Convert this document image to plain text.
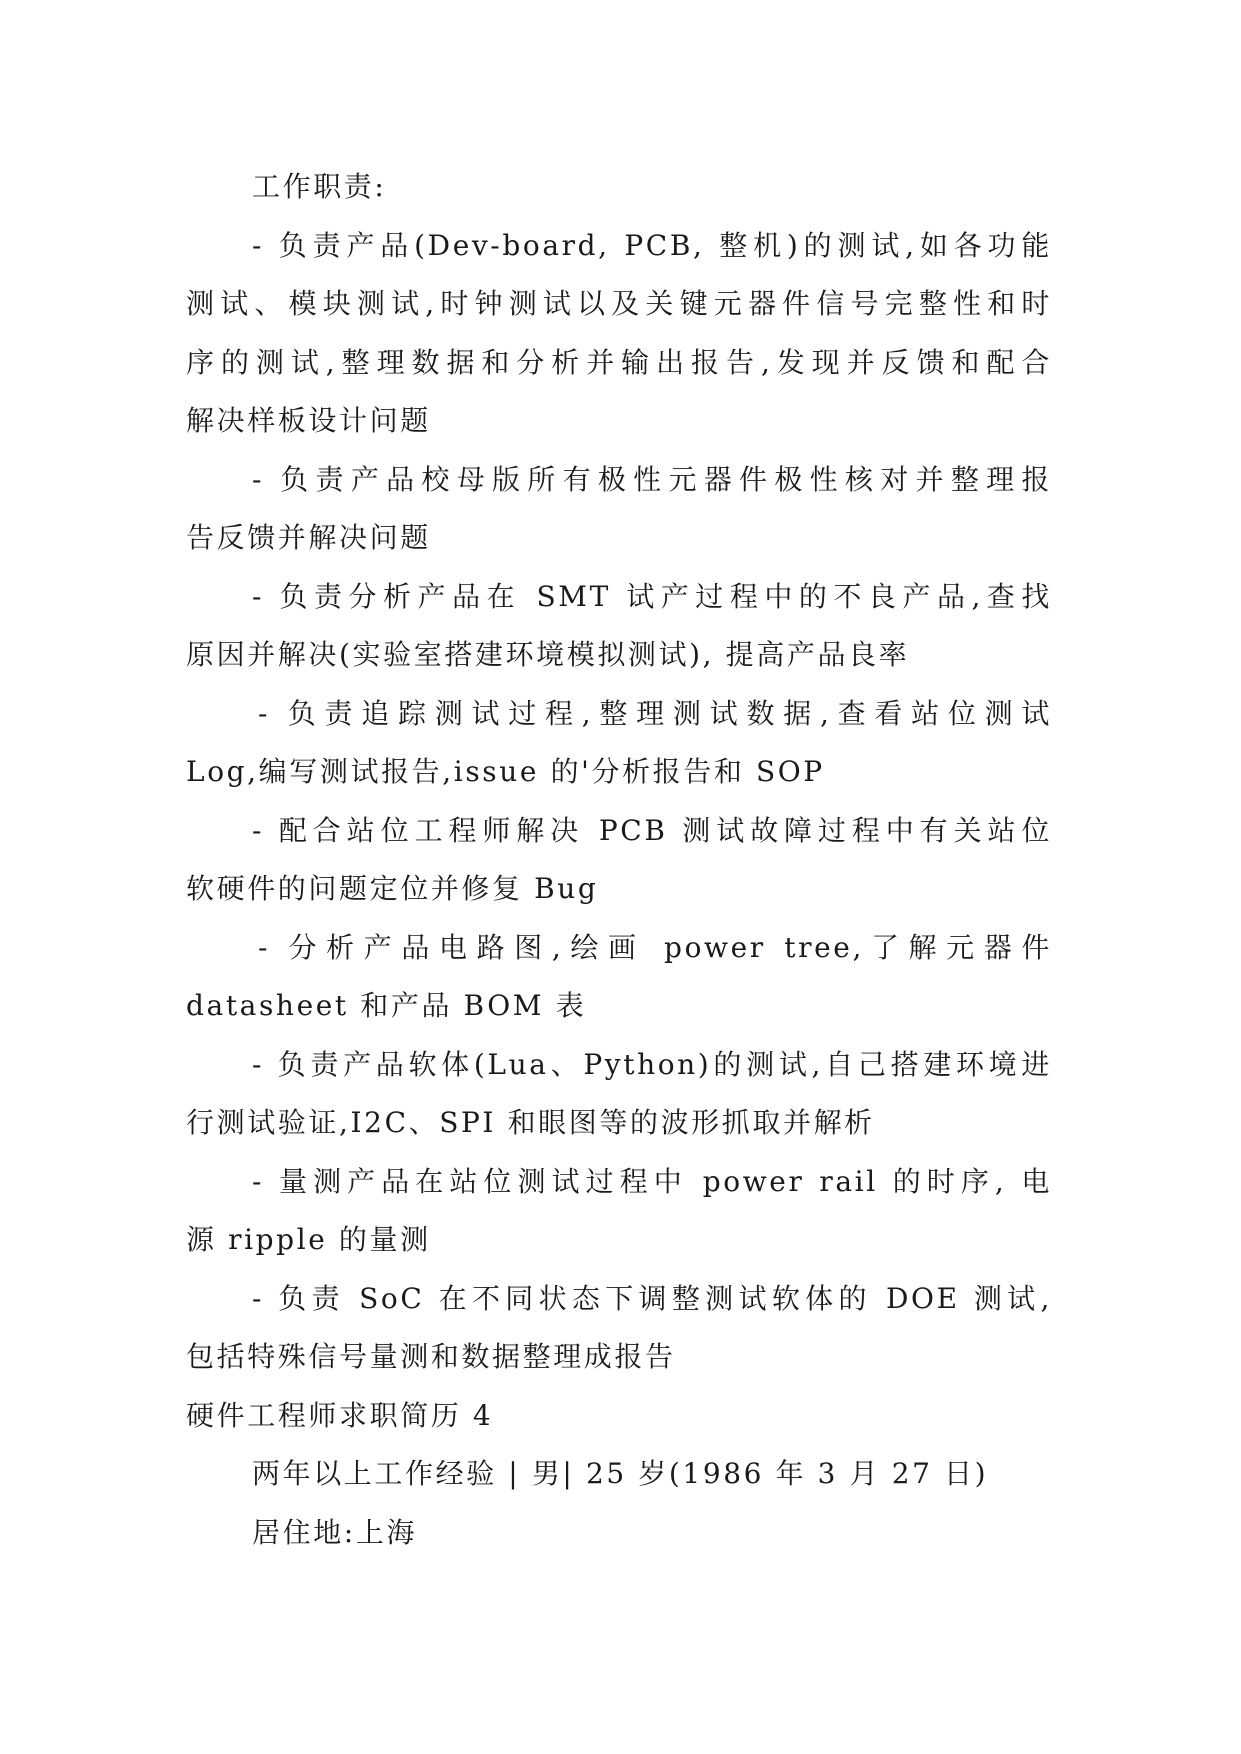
工作职责:
- 负责产品(Dev-board, PCB, 整机)的测试,如各功能
测试、模块测试,时钟测试以及关键元器件信号完整性和时
序的测试,整理数据和分析并输出报告,发现并反馈和配合
解决样板设计问题
- 负责产品校母版所有极性元器件极性核对并整理报
告反馈并解决问题
- 负责分析产品在 SMT 试产过程中的不良产品,查找
原因并解决(实验室搭建环境模拟测试), 提高产品良率
- 负责追踪测试过程,整理测试数据,查看站位测试
Log,编写测试报告,issue 的'分析报告和 SOP
- 配合站位工程师解决 PCB 测试故障过程中有关站位
软硬件的问题定位并修复 Bug
- 分析产品电路图,绘画 power tree,了解元器件
datasheet 和产品 BOM 表
- 负责产品软体(Lua、Python)的测试,自己搭建环境进
行测试验证,I2C、SPI 和眼图等的波形抓取并解析
- 量测产品在站位测试过程中 power rail 的时序, 电
源 ripple 的量测
- 负责 SoC 在不同状态下调整测试软体的 DOE 测试,
包括特殊信号量测和数据整理成报告
硬件工程师求职简历 4
两年以上工作经验 | 男| 25 岁(1986 年 3 月 27 日)
居住地:上海
